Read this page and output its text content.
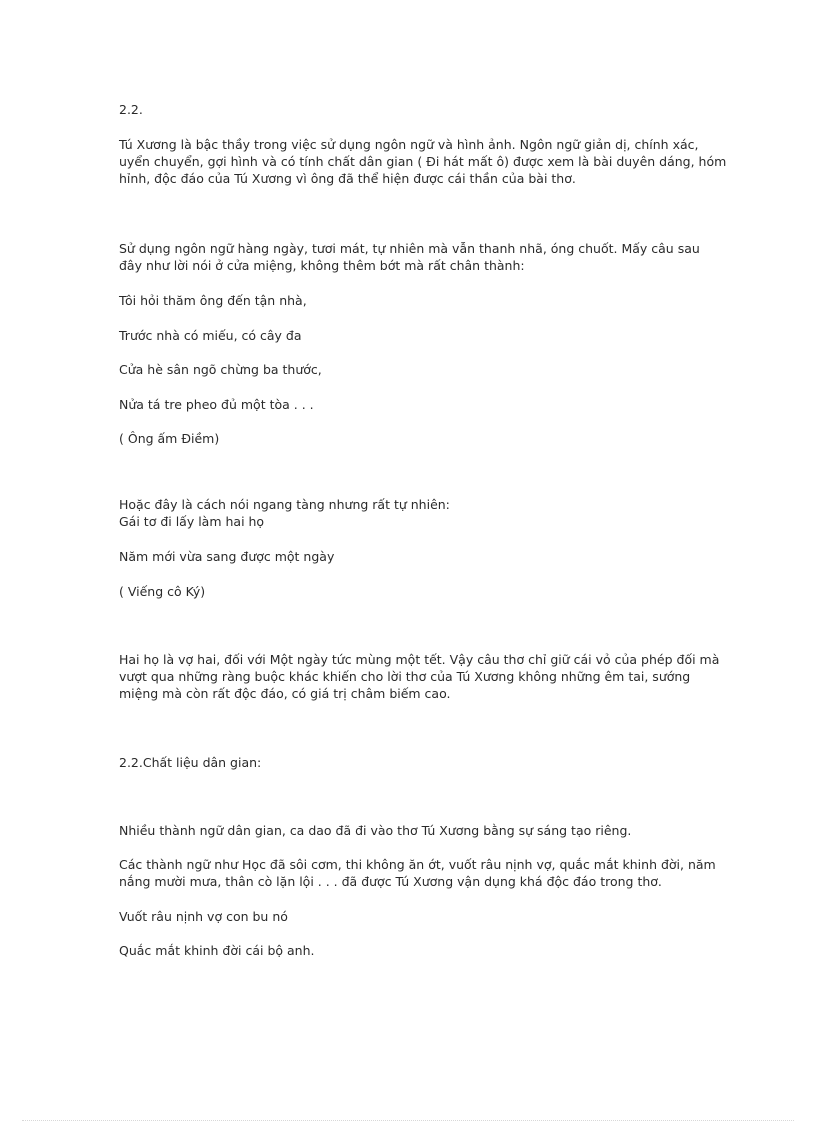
2.2.

Tú Xương là bậc thầy trong việc sử dụng ngôn ngữ và hình ảnh. Ngôn ngữ giản dị, chính xác,
uyển chuyển, gợi hình và có tính chất dân gian ( Đi hát mất ô) được xem là bài duyên dáng, hóm
hỉnh, độc đáo của Tú Xương vì ông đã thể hiện được cái thần của bài thơ.

Sử dụng ngôn ngữ hàng ngày, tươi mát, tự nhiên mà vẫn thanh nhã, óng chuốt. Mấy câu sau
đây như lời nói ở cửa miệng, không thêm bớt mà rất chân thành:

Tôi hỏi thăm ông đến tận nhà,

Trước nhà có miếu, có cây đa

Cửa hè sân ngõ chừng ba thước,

Nửa tá tre pheo đủ một tòa . . .

( Ông ấm Điềm)

Hoặc đây là cách nói ngang tàng nhưng rất tự nhiên:
Gái tơ đi lấy làm hai họ

Năm mới vừa sang được một ngày

( Viếng cô Ký)

Hai họ là vợ hai, đối với Một ngày tức mùng một tết. Vậy câu thơ chỉ giữ cái vỏ của phép đối mà
vượt qua những ràng buộc khác khiến cho lời thơ của Tú Xương không những êm tai, sướng
miệng mà còn rất độc đáo, có giá trị châm biếm cao.

2.2.Chất liệu dân gian:

Nhiều thành ngữ dân gian, ca dao đã đi vào thơ Tú Xương bằng sự sáng tạo riêng.

Các thành ngữ như Học đã sôi cơm, thi không ăn ớt, vuốt râu nịnh vợ, quắc mắt khinh đời, năm
nắng mười mưa, thân cò lặn lội . . . đã được Tú Xương vận dụng khá độc đáo trong thơ.

Vuốt râu nịnh vợ con bu nó

Quắc mắt khinh đời cái bộ anh.
